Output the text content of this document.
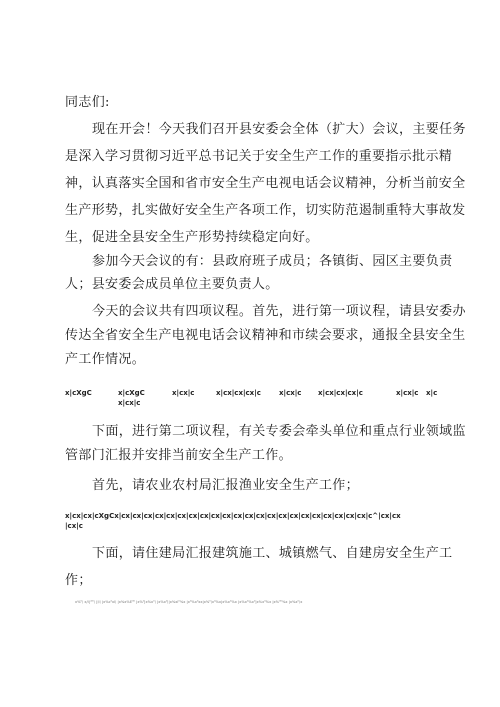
同志们:
现在开会！今天我们召开县安委会全体（扩大）会议，主要任务
是深入学习贯彻习近平总书记关于安全生产工作的重要指示批示精
神，认真落实全国和省市安全生产电视电话会议精神，分析当前安全
生产形势，扎实做好安全生产各项工作，切实防范遏制重特大事故发
生，促进全县安全生产形势持续稳定向好。
参加今天会议的有：县政府班子成员；各镇街、园区主要负责
人；县安委会成员单位主要负责人。
今天的会议共有四项议程。首先，进行第一项议程，请县安委办
传达全省安全生产电视电话会议精神和市续会要求，通报全县安全生
产工作情况。
x|cXgC	x|cXgC
x|cx|c
x|cx|c	x|cx|cx|cx|c	x|cx|c x|cx|cx|cx|c	x|cx|c x|c
下面，进行第二项议程，有关专委会牵头单位和重点行业领域监
管部门汇报并安排当前安全生产工作。
首先，请农业农村局汇报渔业安全生产工作；
x|cx|cx|cXgCx|cx|cx|cx|cx|cx|cx|cx|cx|cx|cx|cx|cx|cx|cx|cx|cx|cx|cx|cx|cx|cx|cx|c^|cx|cx
|cx|c
下面，请住建局汇报建筑施工、城镇燃气、自建房安全生产工
作；
x%⁰¦ x/l|'⁰⁰¦ |¦l¦ |x%c⁰xl¦ |x%x%E⁰⁰ |x%⁰|x%x⁰¦ |x%x⁰¦|x%xl⁰%x |x⁰%x⁰xx|x%⁰¦x⁰%x|x%x⁰%x |x%x⁰%x⁰|x%x⁰%x |x%⁰⁰%x |x%x⁰¦x
